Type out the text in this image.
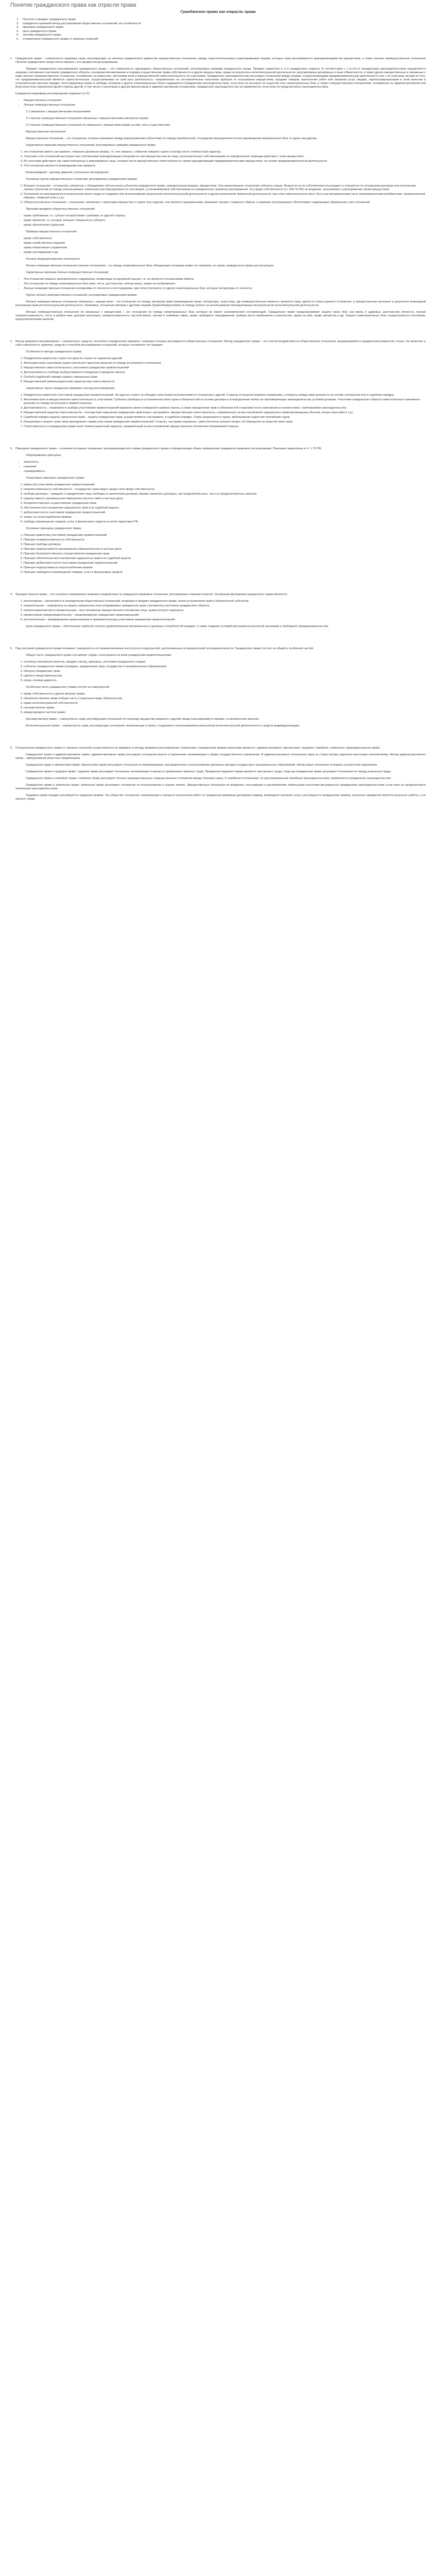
Понятие гражданского права как отрасли права
Гражданское право как отрасль права
1. Понятие и предмет гражданского права
2. гражданско-правовой метод регулирования общественных отношений, его особенности
3. принципы гражданского права
4. цель гражданского права
5. система гражданского права
6. отграничение гражданского права от смежных отраслей
1. Гражданское право – совокупность правовых норм, регулирующих на началах юридического равенства имущественные отношения, между самостоятельными и равноправными лицами, которые сами распоряжаются принадлежащими им имуществом, а также личные неимущественные отношения Понятие гражданского права почти связано с его предметом регулирования.

Предмет гражданского регулирования гражданского права – это совокупность однородных общественных отношений, регулируемых нормами гражданского права. Предмет закреплен в ст.2 гражданского кодекса. В соответствии с ч.1ст.2ст.1 гражданским законодательством определяется правовое положение участников гражданского оборота, основания возникновения и порядок осуществления права собственности и других вещных прав, права на результаты интеллектуальной деятельности, регулирование договорных и иных обязательств, а также другие имущественные и связанные с ними личные неимущественные отношения, основанные на равенстве, автономии воли и имущественной самостоятельности их участников. Гражданское законодательство регулирует отношения между лицами, осуществляющими предпринимательскую деятельность или с их участием, исходя из того, что предпринимательской является самостоятельная, осуществляемая на свой риск деятельность, направленная на систематическое получение прибыли от пользования имуществом, продажи товаров, выполнения работ или оказания услуг лицами, зарегистрированными в этом качестве в установленном законом порядке. Неотчуждаемые права и свободы человека и другие нематериальные блага защищаются гражданским законодательством, если иное не вытекает из существа этих нематериальных благ, а также к имущественным отношениям, основанным на административном или ином властном подчинении одной стороны другой, в том числе к налоговым и другим финансовым и административным отношениям, гражданское законодательство не применяется, если иное не предусмотрено законодательством.

Гражданско-правовому регулированию подлежат (ст.2):

• Имущественные отношения
• Личные неимущественные отношения

1.1.связанные с имущественными отношениями

2.1.личные неимущественные отношения связанные с имущественными (авторское право)

2.2.личные неимущественные отношения не связанные с имуществом (право на имя, честь и достоинство)

Имущественные отношения

Имущественные отношения – это отношения, которые возникают между равноправными субъектами по поводу приобретения, отчуждения принадлежности или перемещения материальных благ от одних лиц другим.

Характерные признаки имущественных отношений, регулируемых нормами гражданского права:

1. эти отношения имеют, как правило, товарную денежную форму, т.е. они связаны с обменом товаров и денег и всегда носят стоимостный характер.
2. Участники этих отношений выступают как собственники принадлежащих которыми по ним имущества или же лица, уполномоченные собственниками на определенные операции действия с этим имуществом.
3. Их участники действуют как самостоятельные и равноправные лица, готовые нести имущественную ответственность своим принадлежащим предпринимательским имуществом, на основе предпринимательской деятельности.
4. Эти отношения являются возмездными (как правило)

Безвозмездный – договор дарения, отношения наследования.

Основные группы имущественных отношений, регулируемых гражданским правом:

1. Вещные отношения – отношения, связанные с обладанием той или иным субъектом гражданского права, определенным вещами, имуществом. Они характеризуют отношения субъекта к вещи. Вещности но их собственники она владеет и пользуется по основаниям договора или усмотрению своему субъектом по поводу использования, изменения или принадлежности этих вещей, устанавливаемой собственником на определенных правилах распоряжения. Н-р право собственности (ст. 209 ГК РФ) на владение, пользование и распоряжение своим имуществом.
2. Отношения по принадлежности результатов своего труда по созданию или использованию результатов интеллектуальной деятельности и других результатов творческой деятельности, при этом сами результаты могут быть как материальными так и нематериальными (изобретение, промышленный образец, товарный знак и т.д.)
3. Обязательственные отношения – отношения, связанные с переходом имущества от одних лиц к другим, они являются динамичными, выражают процесс товарного обмена, а правовое регулирование обеспечивает надлежащее оформление этих отношений.

Признаки предмета обязательственных отношений:

• право требования; т.е. субъект которой может требовать от другой стороны
• право принятия; т.е. которое означает обязанности субъекта
• право обеспечения (гарантия).

Примеры имущественных отношений:

• право собственности
• права хозяйственного ведения
• права оперативного управления
• права наследования и др.

Личные неимущественные отношения

Личные неимущественные отношения (личные отношения) – по поводу нематериальных благ, обладающих которыми может не связывать их нормы гражданского права для регуляции.

Характерные признаки личных неимущественных отношений:

• Эти отношения лишены экономического содержания, неимеющие её денежной оценки, т.е. не являются отношениями обмена
• Это отношения по поводу нематериальных благ (имя, честь, достоинство, личная жизнь, право на изображение)
• Личные неимущественные отношения неотделимы от личности и неотчуждаемы, при этом отличаются от других нематериальных благ, которые неотделимы от личности.

Группы личных неимущественных отношений, регулируемых гражданским правом:

Личные неимущественные отношения связанные с имуществом – это отношения по поводу авторских прав (произведения науки, литературы, искусства), где неимущественные моменты являются лишь одной из сторон данного отношения, а имущественные вытекают в результате возмездной реализации прав интеллектуальной деятельности. Например, отношения авторов с другими лицами (правообладателями) по поводу оплаты за использование принадлежащих им результатов интеллектуальной деятельности.

Личные неимущественные отношения не связанные с имуществом – это отношения по поводу нематериальных благ, которые не имеют экономической составляющей. Гражданское право предусматривает защиту таких благ, как жизнь и здоровье, достоинство личности, личная неприкосновенность, честь и доброе имя, деловая репутация, неприкосновенность частной жизни, личная и семейная тайна, право свободного передвижения, выбора места пребывания и жительства, право на имя, право авторства и др. Защита нематериальных благ осуществляется способами, предусмотренными законом.

2. Метод правового регулирования – совокупность средств, способов и юридических приемов с помощью которых регулируются общественные отношения. Метод гражданского права – это способ воздействия на общественные отношения, выражающийся в юридическом равенстве сторон. Он включает в себя совокупность приемов, средств и способов регулирования отношений, которые составляют его предмет.

Особенности метода гражданского права:

1. Юридическое равенство сторон (ни одна из сторон не подчинена другой)
2. Автономия воли участников (самостоятельное принятие решения по поводу вступления в отношения)
3. Имущественная самостоятельность участников гражданских правоотношений
4. Диспозитивность (свобода выбора варианта поведения в пределах закона)
5. Особый (судебный) порядок защиты нарушенных прав
6. Имущественный (компенсационный) характер мер ответственности

Характерные черты гражданско-правового метода регулирования:

1. Юридическое равенство участников гражданских правоотношений. Ни одна из сторон не обладает властными полномочиями по отношению к другой. Стороны отношения взаимно независимы, а вопросы между ними решаются на основе соглашения или в судебном порядке.
2. Автономия воли и имущественная самостоятельность участников. Субъекты свободны в установлении своих прав и обязанностей на основе договора и в определении любых не противоречащих законодательству условий договора. Участники гражданского оборота самостоятельно принимают решения по поводу вступления в правоотношения.
3. Диспозитивность – возможность выбора участниками правоотношений варианта своего поведения в рамках закона, а также определение прав и обязанностей сторонами по их усмотрению в соответствии с требованиями законодательства.
4. Имущественный характер ответственности – последствия нарушения гражданских прав влекут, как правило, имущественную ответственность, направленную на восстановление нарушенного права (возмещение убытков, уплата неустойки и т.д.)
5. Судебный порядок защиты нарушенных прав – защита гражданских прав, осуществляется, как правило, в судебном порядке. Споры разрешаются судом, арбитражным судом или третейским судом.
6. Инициатива в защите своих прав принадлежит самим участникам гражданских правоотношений. Стороны, чьи права нарушены, самостоятельно решают вопрос об обращении за защитой своих прав.
7. Ответственность в гражданском праве носит компенсационный характер, направленный на восстановление имущественного положения потерпевшей стороны.
3. Принципы гражданского права – основные исходные положения, пронизывающие все нормы гражданского права и определяющие общее направление гражданско-правового регулирования. Принципы закреплены в ст. 1 ГК РФ.

Общеправовые принципы:

• законность
• гуманизм
• справедливость

Отраслевые принципы гражданского права:

1. равенство участников гражданских правоотношений;
2. неприкосновенность собственности – государство гарантирует защиту всех форм собственности;
3. свобода договора – граждане и юридические лица свободны в заключении договора, вправе заключать договоры, как предусмотренные, так и не предусмотренные законом;
4. недопустимость произвольного вмешательства кого-либо в частные дела;
5. беспрепятственное осуществление гражданских прав;
6. обеспечение восстановления нарушенных прав и их судебной защиты;
7. добросовестность участников гражданских правоотношений.
8. запрет на злоупотребление правом;
9. свобода перемещения товаров, услуг и финансовых средств на всей территории РФ.

Основные принципы гражданского права:

1. Принцип равенства участников гражданских правоотношений
2. Принцип неприкосновенности собственности
3. Принцип свободы договора
4. Принцип недопустимости произвольного вмешательства в частные дела
5. Принцип беспрепятственного осуществления гражданских прав
6. Принцип обеспечения восстановления нарушенных прав и их судебной защиты
7. Принцип добросовестности участников гражданских правоотношений
8. Принцип недопустимости злоупотребления правом
9. Принцип свободного перемещения товаров, услуг и финансовых средств
4. Функции отрасли права – это основное направление правового воздействия на гражданско-правовые отношения, регулируемые нормами отрасли. Основными функциями гражданского права являются:

1. регулятивная – заключается в упорядочении общественных отношений, входящих в предмет гражданского права, путем установления прав и обязанностей субъектов;
2. охранительная – направлена на защиту нарушенных или оспариваемых гражданских прав и интересов участников гражданского оборота;
3. компенсационная (восстановительная) – восстановление имущественного положения лица, права которого нарушены;
4. превентивная (предупредительная) – предупреждение гражданских правонарушений;
5. воспитательная – формирование правосознания и правовой культуры участников гражданских правоотношений.

Цели гражданского права – обеспечение наиболее полного удовлетворения материальных и духовных потребностей граждан, а также создание условий для развития рыночной экономики и свободного предпринимательства.

5. Под системой гражданского права понимают совокупность его взаимосвязанных институтов и подотраслей, расположенных в определенной последовательности. Гражданское право состоит из общей и особенной частей.

Общую часть гражданского права составляют нормы, относящиеся ко всем гражданским правоотношениям:

1. основные положения (понятие, предмет, метод, принципы, источники гражданского права);
2. субъекты гражданского права (граждане, юридические лица, государство и муниципальные образования);
3. объекты гражданских прав;
4. сделки и представительство;
5. сроки, исковая давность.

Особенная часть гражданского права состоит из подотраслей:

1. право собственности и другие вещные права;
2. обязательственное право (общая часть и отдельные виды обязательств);
3. право интеллектуальной собственности;
4. наследственное право;
5. международное частное право.

Наследственное право – совокупность норм, регулирующих отношения по переходу имущества умершего к другим лицам (наследникам) в порядке, установленном законом.

Интеллектуальное право – совокупность норм, регулирующих отношения, возникающие в связи с созданием и использованием результатов интеллектуальной деятельности и средств индивидуализации.

6. Отграничение гражданского права от смежных отраслей осуществляется по предмету и методу правового регулирования. Смежными с гражданским правом отраслями являются: административное, финансовое, трудовое, семейное, земельное, природоресурсное право.

Гражданское право и административное право: административное право регулирует отношения власти и подчинения, возникающие в сфере государственного управления. В административных отношениях одна из сторон всегда наделена властными полномочиями. Метод административного права – императивный (властные предписания).

Гражданское право и финансовое право: финансовое право регулирует отношения по формированию, распределению и использованию денежных фондов государства и муниципальных образований. Финансовые отношения основаны на властном подчинении.

Гражданское право и трудовое право: трудовое право регулирует отношения, возникающие в процессе применения наемного труда. Предметом трудового права является сам процесс труда, тогда как гражданское право регулирует отношения по поводу результата труда.

Гражданское право и семейное право: семейное право регулирует личные неимущественные и имущественные отношения между членами семьи. К семейным отношениям, не урегулированным семейным законодательством, применяется гражданское законодательство.

Гражданское право и земельное право: земельное право регулирует отношения по использованию и охране земель. Имущественные отношения по владению, пользованию и распоряжению земельными участками регулируются гражданским законодательством, если иное не предусмотрено земельным законодательством.

Трудовые права граждан регулируются трудовым правом. Так обществе, отношения, возникающие в процессе выполнения работ по гражданско-правовым договорам (подряд, возмездное оказание услуг), регулируются гражданским правом, поскольку предметом является результат работы, а не процесс труда.
